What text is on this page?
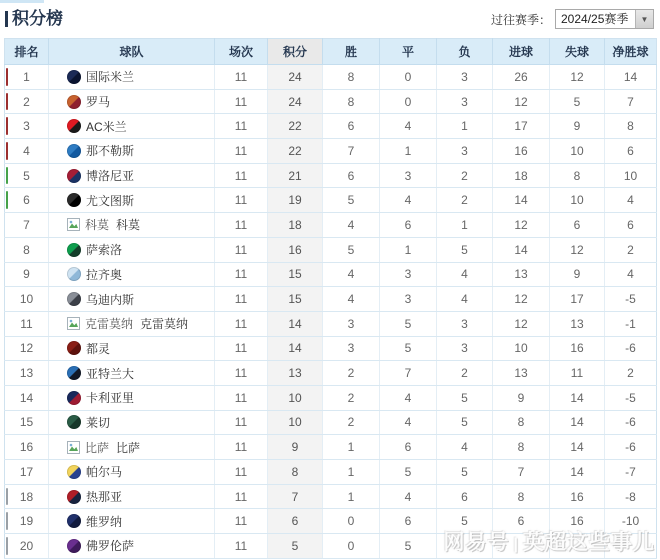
积分榜	过往赛季： 2024/25赛季	▼
排名	球队	场次	积分	胜	平	负	进球	失球	净胜球

1	国际米兰	11	24	8	0	3	26	12	14

2	罗马	11	24	8	0	3	12	5	7

3	AC米兰	11	22	6	4	1	17	9	8

4	那不勒斯	11	22	7	1	3	16	10	6

5	博洛尼亚	11	21	6	3	2	18	8	10

6	尤文图斯	11	19	5	4	2	14	10	4
7	科莫 科莫	11	18	4	6	1	12	6	6
8	萨索洛	11	16	5	1	5	14	12	2
9	拉齐奥	11	15	4	3	4	13	9	4
10	乌迪内斯	11	15	4	3	4	12	17	-5
11	克雷莫纳 克雷莫纳	11	14	3	5	3	12	13	-1
12	都灵	11	14	3	5	3	10	16	-6
13	亚特兰大	11	13	2	7	2	13	11	2
14	卡利亚里	11	10	2	4	5	9	14	-5
15	莱切	11	10	2	4	5	8	14	-6
16	比萨 比萨	11	9	1	6	4	8	14	-6
17	帕尔马	11	8	1	5	5	7	14	-7

18	热那亚	11	7	1	4	6	8	16	-8

19	维罗纳	11	6	0	6	5	6	16	-10

20	佛罗伦萨	11	5	0	5				网易号 | 英超这些事儿
